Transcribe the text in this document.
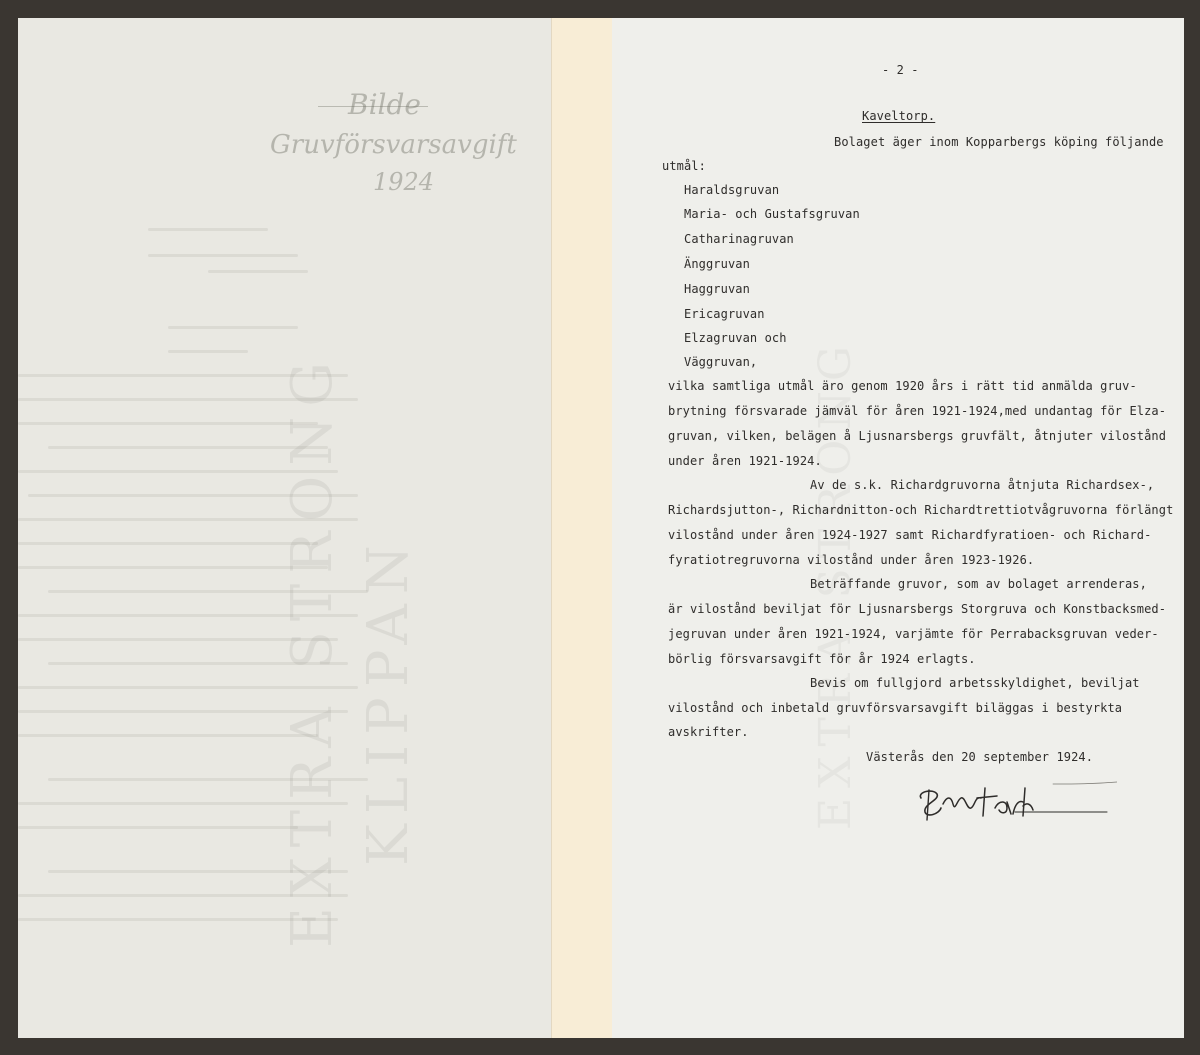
EXTRA STRONG KLIPPAN
Bilde
Gruvförsvarsavgift
1924
EXTRA STRONG
- 2 -
Kaveltorp.
Bolaget äger inom Kopparbergs köping följande
utmål:
Haraldsgruvan
Maria- och Gustafsgruvan
Catharinagruvan
Änggruvan
Haggruvan
Ericagruvan
Elzagruvan och
Väggruvan,
vilka samtliga utmål äro genom 1920 års i rätt tid anmälda gruv-
brytning försvarade jämväl för åren 1921-1924,med undantag för Elza-
gruvan, vilken, belägen å Ljusnarsbergs gruvfält, åtnjuter vilostånd
under åren 1921-1924.
Av de s.k. Richardgruvorna åtnjuta Richardsex-,
Richardsjutton-, Richardnitton-och Richardtrettiotvågruvorna förlängt
vilostånd under åren 1924-1927 samt Richardfyratioen- och Richard-
fyratiotregruvorna vilostånd under åren 1923-1926.
Beträffande gruvor, som av bolaget arrenderas,
är vilostånd beviljat för Ljusnarsbergs Storgruva och Konstbacksmed-
jegruvan under åren 1921-1924, varjämte för Perrabacksgruvan veder-
börlig försvarsavgift för år 1924 erlagts.
Bevis om fullgjord arbetsskyldighet, beviljat
vilostånd och inbetald gruvförsvarsavgift biläggas i bestyrkta
avskrifter.
Västerås den 20 september 1924.
